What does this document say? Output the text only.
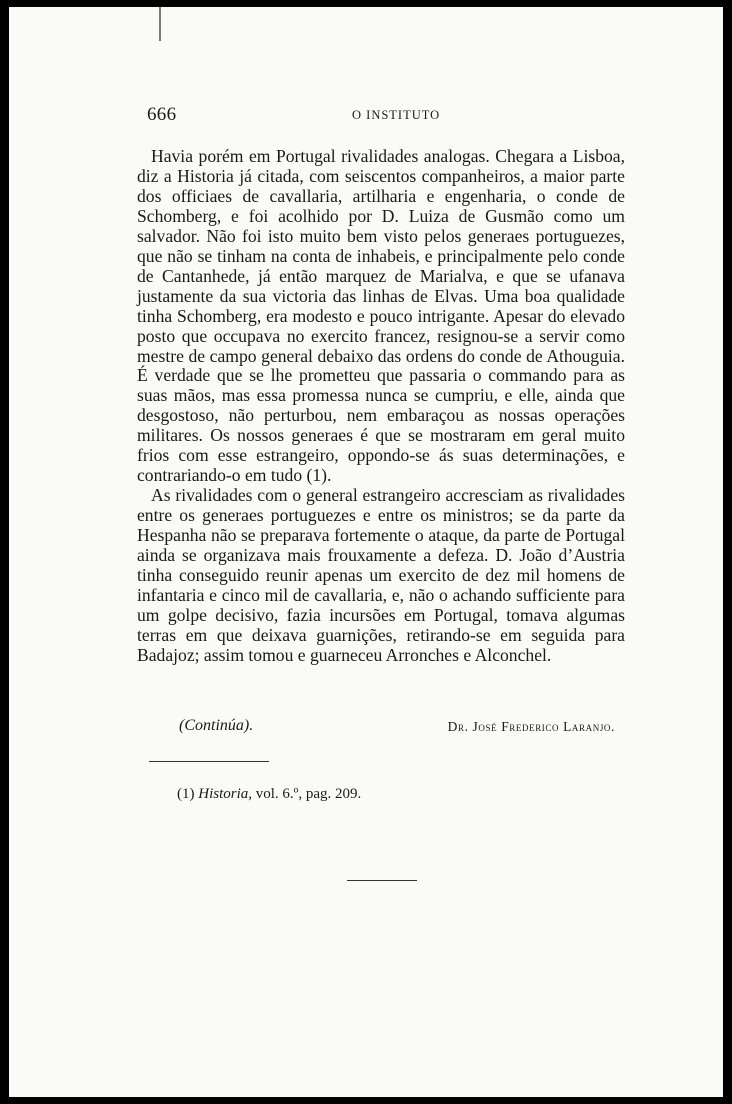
666	O INSTITUTO

Havia porém em Portugal rivalidades analogas. Chegara a Lisboa, diz a Historia já citada, com seiscentos companheiros, a maior parte dos officiaes de cavallaria, artilharia e engenharia, o conde de Schomberg, e foi acolhido por D. Luiza de Gusmão como um salvador. Não foi isto muito bem visto pelos generaes portuguezes, que não se tinham na conta de inhabeis, e principalmente pelo conde de Cantanhede, já então marquez de Marialva, e que se ufanava justamente da sua victoria das linhas de Elvas. Uma boa qualidade tinha Schomberg, era modesto e pouco intrigante. Apesar do elevado posto que occupava no exercito francez, resignou-se a servir como mestre de campo general debaixo das ordens do conde de Athouguia. É verdade que se lhe prometteu que passaria o commando para as suas mãos, mas essa promessa nunca se cumpriu, e elle, ainda que desgostoso, não perturbou, nem embaraçou as nossas operações militares. Os nossos generaes é que se mostraram em geral muito frios com esse estrangeiro, oppondo-se ás suas determinações, e contrariando-o em tudo (1).

As rivalidades com o general estrangeiro accresciam as rivalidades entre os generaes portuguezes e entre os ministros; se da parte da Hespanha não se preparava fortemente o ataque, da parte de Portugal ainda se organizava mais frouxamente a defeza. D. João d’Austria tinha conseguido reunir apenas um exercito de dez mil homens de infantaria e cinco mil de cavallaria, e, não o achando sufficiente para um golpe decisivo, fazia incursões em Portugal, tomava algumas terras em que deixava guarnições, retirando-se em seguida para Badajoz; assim tomou e guarneceu Arronches e Alconchel.

(Continúa).	Dr. José Frederico Laranjo.
(1) Historia, vol. 6.º, pag. 209.
